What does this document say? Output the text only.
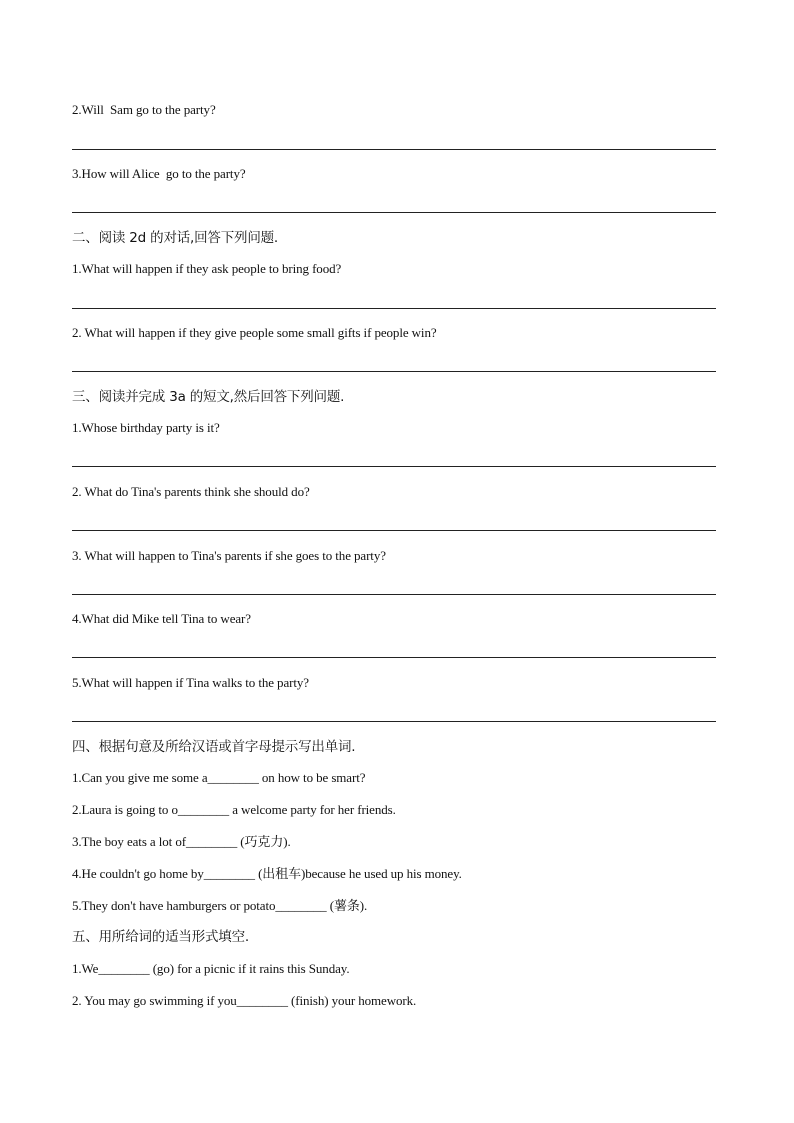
2.Will  Sam go to the party?
3.How will Alice  go to the party?
二、阅读 2d 的对话,回答下列问题.
1.What will happen if they ask people to bring food?
2. What will happen if they give people some small gifts if people win?
三、阅读并完成 3a 的短文,然后回答下列问题.
1.Whose birthday party is it?
2. What do Tina's parents think she should do?
3. What will happen to Tina's parents if she goes to the party?
4.What did Mike tell Tina to wear?
5.What will happen if Tina walks to the party?
四、根据句意及所给汉语或首字母提示写出单词.
1.Can you give me some a________ on how to be smart?
2.Laura is going to o________ a welcome party for her friends.
3.The boy eats a lot of________ (巧克力).
4.He couldn't go home by________ (出租车)because he used up his money.
5.They don't have hamburgers or potato________ (薯条).
五、用所给词的适当形式填空.
1.We________ (go) for a picnic if it rains this Sunday.
2. You may go swimming if you________ (finish) your homework.
